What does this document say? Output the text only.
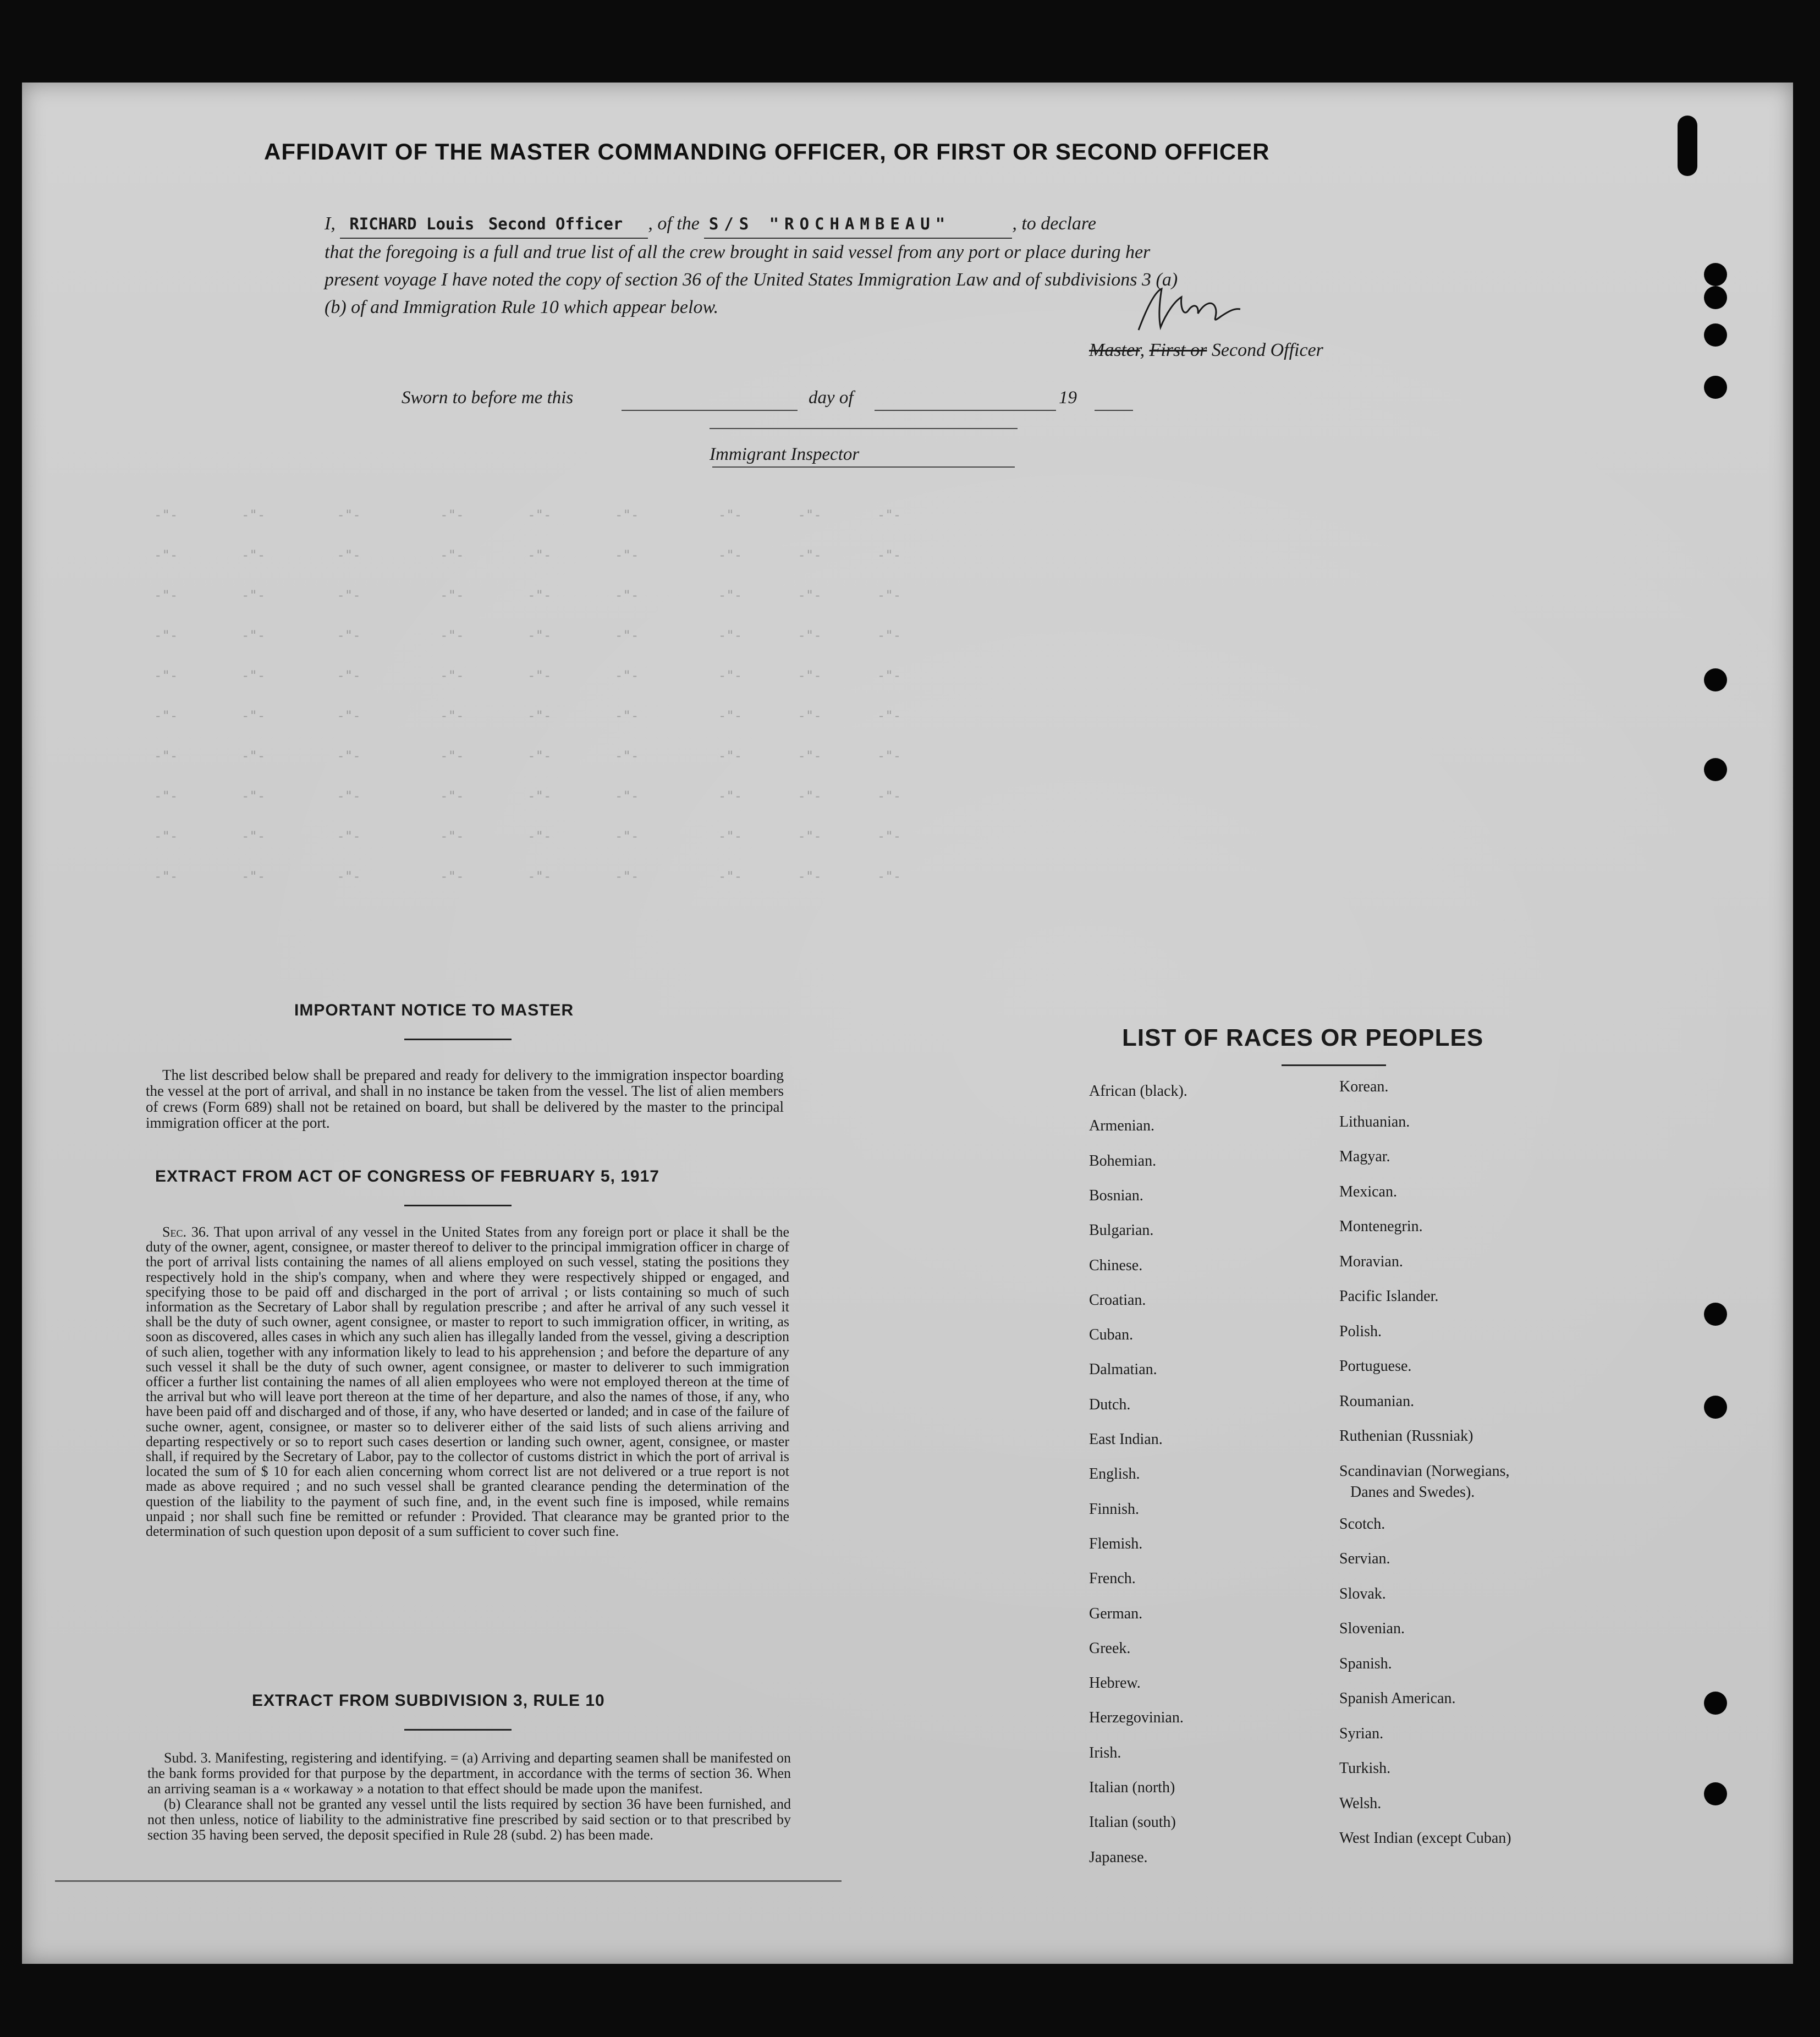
-"-        -"-         -"-          -"-        -"-        -"-          -"-       -"-       -"-
-"-        -"-         -"-          -"-        -"-        -"-          -"-       -"-       -"-
-"-        -"-         -"-          -"-        -"-        -"-          -"-       -"-       -"-
-"-        -"-         -"-          -"-        -"-        -"-          -"-       -"-       -"-
-"-        -"-         -"-          -"-        -"-        -"-          -"-       -"-       -"-
-"-        -"-         -"-          -"-        -"-        -"-          -"-       -"-       -"-
-"-        -"-         -"-          -"-        -"-        -"-          -"-       -"-       -"-
-"-        -"-         -"-          -"-        -"-        -"-          -"-       -"-       -"-
-"-        -"-         -"-          -"-        -"-        -"-          -"-       -"-       -"-
-"-        -"-         -"-          -"-        -"-        -"-          -"-       -"-       -"-
AFFIDAVIT OF THE MASTER COMMANDING OFFICER, OR FIRST OR SECOND OFFICER
I, RICHARD Louis Second Officer , of the S/S "ROCHAMBEAU"	, to declare
that the foregoing is a full and true list of all the crew brought in said vessel from any port or place during her
present voyage I have noted the copy of section 36 of the United States Immigration Law and of subdivisions 3 (a)
(b) of and Immigration Rule 10 which appear below.
Master, First or Second Officer
Sworn to before me this	day of	19
Immigrant Inspector
IMPORTANT NOTICE TO MASTER
The list described below shall be prepared and ready for delivery to the immigration inspector boarding the vessel at the port of arrival, and shall in no instance be taken from the vessel. The list of alien members of crews (Form 689) shall not be retained on board, but shall be delivered by the master to the principal immigration officer at the port.
EXTRACT FROM ACT OF CONGRESS OF FEBRUARY 5, 1917
Sec. 36. That upon arrival of any vessel in the United States from any foreign port or place it shall be the duty of the owner, agent, consignee, or master thereof to deliver to the principal immigration officer in charge of the port of arrival lists containing the names of all aliens employed on such vessel, stating the positions they respectively hold in the ship's company, when and where they were respectively shipped or engaged, and specifying those to be paid off and discharged in the port of arrival ; or lists containing so much of such information as the Secretary of Labor shall by regulation prescribe ; and after he arrival of any such vessel it shall be the duty of such owner, agent consignee, or master to report to such immigration officer, in writing, as soon as discovered, alles cases in which any such alien has illegally landed from the vessel, giving a description of such alien, together with any information likely to lead to his apprehension ; and before the departure of any such vessel it shall be the duty of such owner, agent consignee, or master to deliverer to such immigration officer a further list containing the names of all alien employees who were not employed thereon at the time of the arrival but who will leave port thereon at the time of her departure, and also the names of those, if any, who have been paid off and discharged and of those, if any, who have deserted or landed; and in case of the failure of suche owner, agent, consignee, or master so to deliverer either of the said lists of such aliens arriving and departing respectively or so to report such cases desertion or landing such owner, agent, consignee, or master shall, if required by the Secretary of Labor, pay to the collector of customs district in which the port of arrival is located the sum of $ 10 for each alien concerning whom correct list are not delivered or a true report is not made as above required ; and no such vessel shall be granted clearance pending the determination of the question of the liability to the payment of such fine, and, in the event such fine is imposed, while remains unpaid ; nor shall such fine be remitted or refunder : Provided. That clearance may be granted prior to the determination of such question upon deposit of a sum sufficient to cover such fine.
EXTRACT FROM SUBDIVISION 3, RULE 10
Subd. 3. Manifesting, registering and identifying. = (a) Arriving and departing seamen shall be manifested on the bank forms provided for that purpose by the department, in accordance with the terms of section 36. When an arriving seaman is a « workaway » a notation to that effect should be made upon the manifest.
(b) Clearance shall not be granted any vessel until the lists required by section 36 have been furnished, and not then unless, notice of liability to the administrative fine prescribed by said section or to that prescribed by section 35 having been served, the deposit specified in Rule 28 (subd. 2) has been made.
LIST OF RACES OR PEOPLES
African (black).
Armenian.
Bohemian.
Bosnian.
Bulgarian.
Chinese.
Croatian.
Cuban.
Dalmatian.
Dutch.
East Indian.
English.
Finnish.
Flemish.
French.
German.
Greek.
Hebrew.
Herzegovinian.
Irish.
Italian (north)
Italian (south)
Japanese.
Korean.
Lithuanian.
Magyar.
Mexican.
Montenegrin.
Moravian.
Pacific Islander.
Polish.
Portuguese.
Roumanian.
Ruthenian (Russniak)
Scandinavian (Norwegians,
Danes and Swedes).
Scotch.
Servian.
Slovak.
Slovenian.
Spanish.
Spanish American.
Syrian.
Turkish.
Welsh.
West Indian (except Cuban)
